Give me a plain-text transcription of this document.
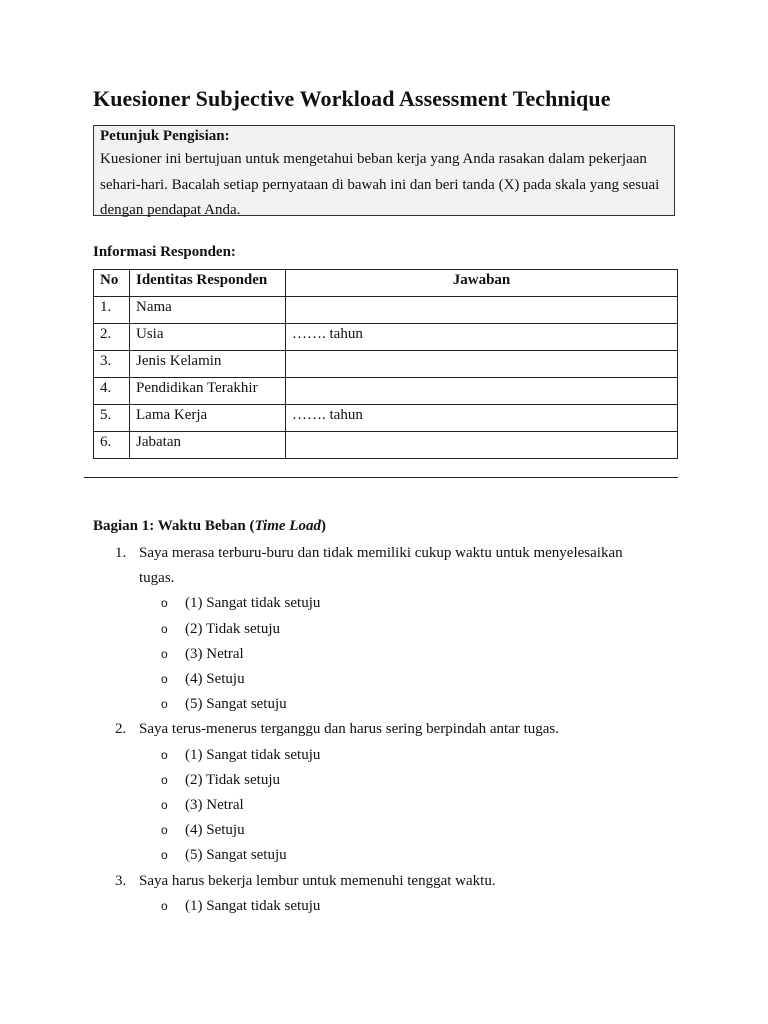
Kuesioner Subjective Workload Assessment Technique
Petunjuk Pengisian:

Kuesioner ini bertujuan untuk mengetahui beban kerja yang Anda rasakan dalam pekerjaan sehari-hari. Bacalah setiap pernyataan di bawah ini dan beri tanda (X) pada skala yang sesuai dengan pendapat Anda.

Informasi Responden:
No	Identitas Responden	Jawaban
1.	Nama	
2.	Usia	……. tahun
3.	Jenis Kelamin	
4.	Pendidikan Terakhir	
5.	Lama Kerja	……. tahun
6.	Jabatan	
Bagian 1: Waktu Beban (Time Load)
1. Saya merasa terburu-buru dan tidak memiliki cukup waktu untuk menyelesaikan tugas.
o (1) Sangat tidak setuju
o (2) Tidak setuju
o (3) Netral
o (4) Setuju
o (5) Sangat setuju
2. Saya terus-menerus terganggu dan harus sering berpindah antar tugas.
o (1) Sangat tidak setuju
o (2) Tidak setuju
o (3) Netral
o (4) Setuju
o (5) Sangat setuju
3. Saya harus bekerja lembur untuk memenuhi tenggat waktu.
o (1) Sangat tidak setuju
